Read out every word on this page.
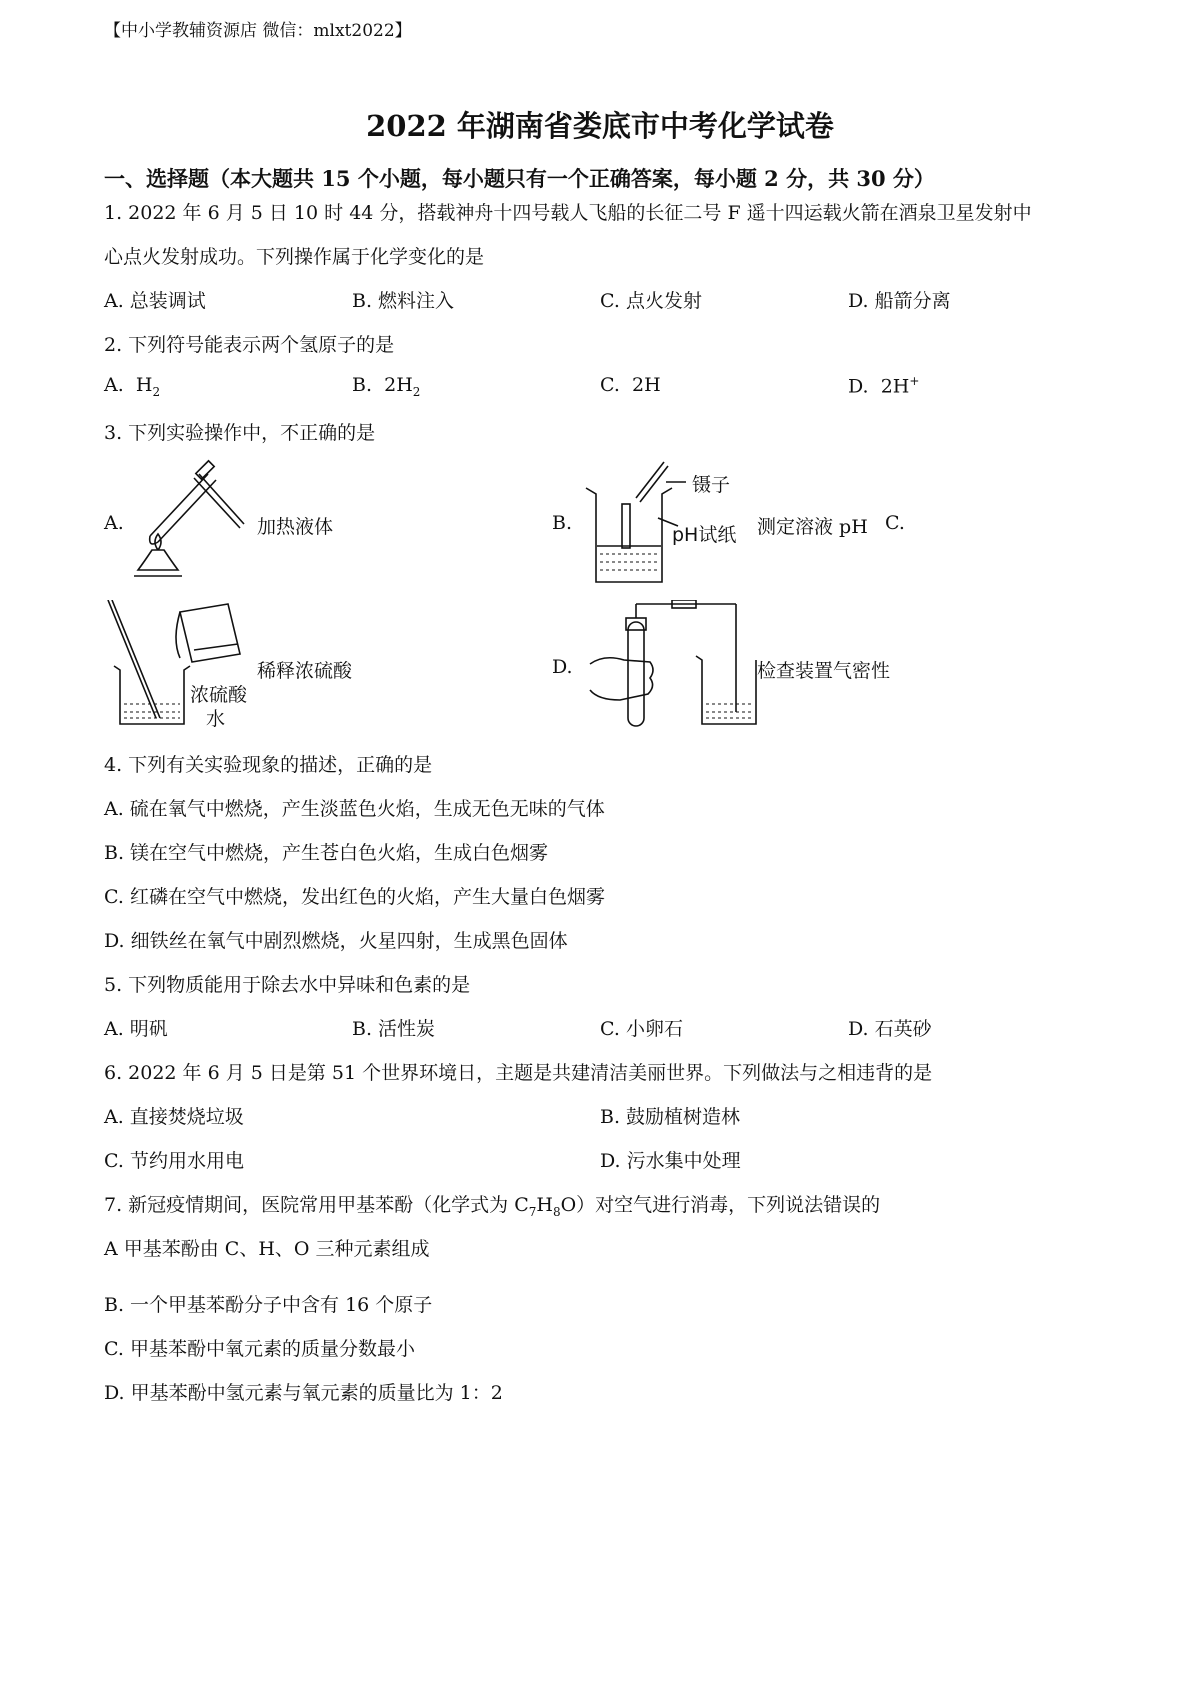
【中小学教辅资源店 微信：mlxt2022】
2022 年湖南省娄底市中考化学试卷
一、选择题（本大题共 15 个小题，每小题只有一个正确答案，每小题 2 分，共 30 分）
1. 2022 年 6 月 5 日 10 时 44 分，搭载神舟十四号载人飞船的长征二号 F 遥十四运载火箭在酒泉卫星发射中
心点火发射成功。下列操作属于化学变化的是
A. 总装调试	B. 燃料注入	C. 点火发射	D. 船箭分离
2. 下列符号能表示两个氢原子的是
A. $H_2$	B. $2H_2$	C. 2H	D. 2H+
3. 下列实验操作中，不正确的是
A.	加热液体	B.
镊子
pH试纸 测定溶液 pH C.
浓硫酸
水
稀释浓硫酸	D.	检查装置气密性
4. 下列有关实验现象的描述，正确的是
A. 硫在氧气中燃烧，产生淡蓝色火焰，生成无色无味的气体
B. 镁在空气中燃烧，产生苍白色火焰，生成白色烟雾
C. 红磷在空气中燃烧，发出红色的火焰，产生大量白色烟雾
D. 细铁丝在氧气中剧烈燃烧，火星四射，生成黑色固体
5. 下列物质能用于除去水中异味和色素的是
A. 明矾	B. 活性炭	C. 小卵石	D. 石英砂
6. 2022 年 6 月 5 日是第 51 个世界环境日，主题是共建清洁美丽世界。下列做法与之相违背的是
A. 直接焚烧垃圾	B. 鼓励植树造林
C. 节约用水用电	D. 污水集中处理
7. 新冠疫情期间，医院常用甲基苯酚（化学式为 $C_7H_8O$）对空气进行消毒，下列说法错误的
A 甲基苯酚由 C、H、O 三种元素组成
B. 一个甲基苯酚分子中含有 16 个原子
C. 甲基苯酚中氧元素的质量分数最小
D. 甲基苯酚中氢元素与氧元素的质量比为 1：2
